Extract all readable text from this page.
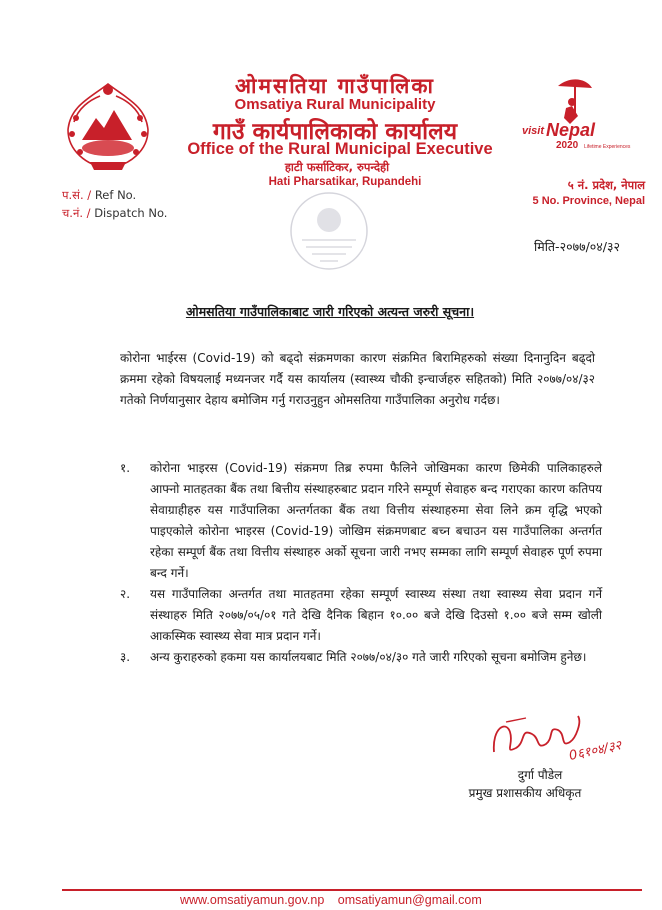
ओमसतिया गाउँपालिका
Omsatiya Rural Municipality
गाउँ कार्यपालिकाको कार्यालय
Office of the Rural Municipal Executive
हाटी फर्साटिकर, रुपन्देही
Hati Pharsatikar, Rupandehi
visit Nepal
2020 Lifetime Experiences
५ नं. प्रदेश, नेपाल
5 No. Province, Nepal
प.सं. / Ref No.
च.नं. / Dispatch No.
मिति-२०७७/०४/३२
ओमसतिया गाउँपालिकाबाट जारी गरिएको अत्यन्त जरुरी सूचना।
कोरोना भाईरस (Covid-19) को बढ्दो संक्रमणका कारण संक्रमित बिरामिहरुको संख्या दिनानुदिन बढ्दो क्रममा रहेको विषयलाई मध्यनजर गर्दै यस कार्यालय (स्वास्थ्य चौकी इन्चार्जहरु सहितको) मिति २०७७/०४/३२ गतेको निर्णयानुसार देहाय बमोजिम गर्नु गराउनुहुन ओमसतिया गाउँपालिका अनुरोध गर्दछ।
१.	कोरोना भाइरस (Covid-19) संक्रमण तिब्र रुपमा फैलिने जोखिमका कारण छिमेकी पालिकाहरुले आफ्नो मातहतका बैंक तथा बित्तीय संस्थाहरुबाट प्रदान गरिने सम्पूर्ण सेवाहरु बन्द गराएका कारण कतिपय सेवाग्राहीहरु यस गाउँपालिका अन्तर्गतका बैंक तथा वित्तीय संस्थाहरुमा सेवा लिने क्रम वृद्धि भएको पाइएकोले कोरोना भाइरस (Covid-19) जोखिम संक्रमणबाट बच्न बचाउन यस गाउँपालिका अन्तर्गत रहेका सम्पूर्ण बैंक तथा वित्तीय संस्थाहरु अर्को सूचना जारी नभए सम्मका लागि सम्पूर्ण सेवाहरु पूर्ण रुपमा बन्द गर्ने।
२.	यस गाउँपालिका अन्तर्गत तथा मातहतमा रहेका सम्पूर्ण स्वास्थ्य संस्था तथा स्वास्थ्य सेवा प्रदान गर्ने संस्थाहरु मिति २०७७/०५/०१ गते देखि दैनिक बिहान १०.०० बजे देखि दिउसो १.०० बजे सम्म खोली आकस्मिक स्वास्थ्य सेवा मात्र प्रदान गर्ने।
३.	अन्य कुराहरुको हकमा यस कार्यालयबाट मिति २०७७/०४/३० गते जारी गरिएको सूचना बमोजिम हुनेछ।
0६१०४/३२
दुर्गा पौडेल
प्रमुख प्रशासकीय अधिकृत
www.omsatiyamun.gov.np omsatiyamun@gmail.com
